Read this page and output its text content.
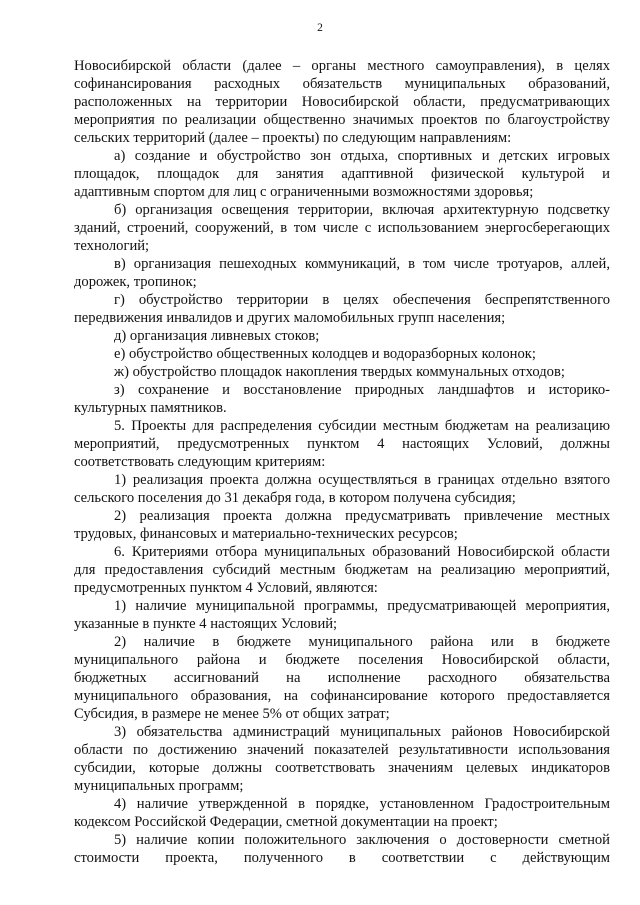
2
Новосибирской области (далее – органы местного самоуправления), в целях
софинансирования расходных обязательств муниципальных образований,
расположенных на территории Новосибирской области, предусматривающих
мероприятия по реализации общественно значимых проектов по благоустройству
сельских территорий (далее – проекты) по следующим направлениям:
а) создание и обустройство зон отдыха, спортивных и детских игровых
площадок, площадок для занятия адаптивной физической культурой и
адаптивным спортом для лиц с ограниченными возможностями здоровья;
б) организация освещения территории, включая архитектурную подсветку
зданий, строений, сооружений, в том числе с использованием энергосберегающих
технологий;
в) организация пешеходных коммуникаций, в том числе тротуаров, аллей,
дорожек, тропинок;
г) обустройство территории в целях обеспечения беспрепятственного
передвижения инвалидов и других маломобильных групп населения;
д) организация ливневых стоков;
е) обустройство общественных колодцев и водоразборных колонок;
ж) обустройство площадок накопления твердых коммунальных отходов;
з) сохранение и восстановление природных ландшафтов и историко-
культурных памятников.
5. Проекты для распределения субсидии местным бюджетам на реализацию
мероприятий, предусмотренных пунктом 4 настоящих Условий, должны
соответствовать следующим критериям:
1) реализация проекта должна осуществляться в границах отдельно взятого
сельского поселения до 31 декабря года, в котором получена субсидия;
2) реализация проекта должна предусматривать привлечение местных
трудовых, финансовых и материально-технических ресурсов;
6. Критериями отбора муниципальных образований Новосибирской области
для предоставления субсидий местным бюджетам на реализацию мероприятий,
предусмотренных пунктом 4 Условий, являются:
1) наличие муниципальной программы, предусматривающей мероприятия,
указанные в пункте 4 настоящих Условий;
2) наличие в бюджете муниципального района или в бюджете
муниципального района и бюджете поселения Новосибирской области,
бюджетных ассигнований на исполнение расходного обязательства
муниципального образования, на софинансирование которого предоставляется
Субсидия, в размере не менее 5% от общих затрат;
3) обязательства администраций муниципальных районов Новосибирской
области по достижению значений показателей результативности использования
субсидии, которые должны соответствовать значениям целевых индикаторов
муниципальных программ;
4) наличие утвержденной в порядке, установленном Градостроительным
кодексом Российской Федерации, сметной документации на проект;
5) наличие копии положительного заключения о достоверности сметной
стоимости проекта, полученного в соответствии с действующим
